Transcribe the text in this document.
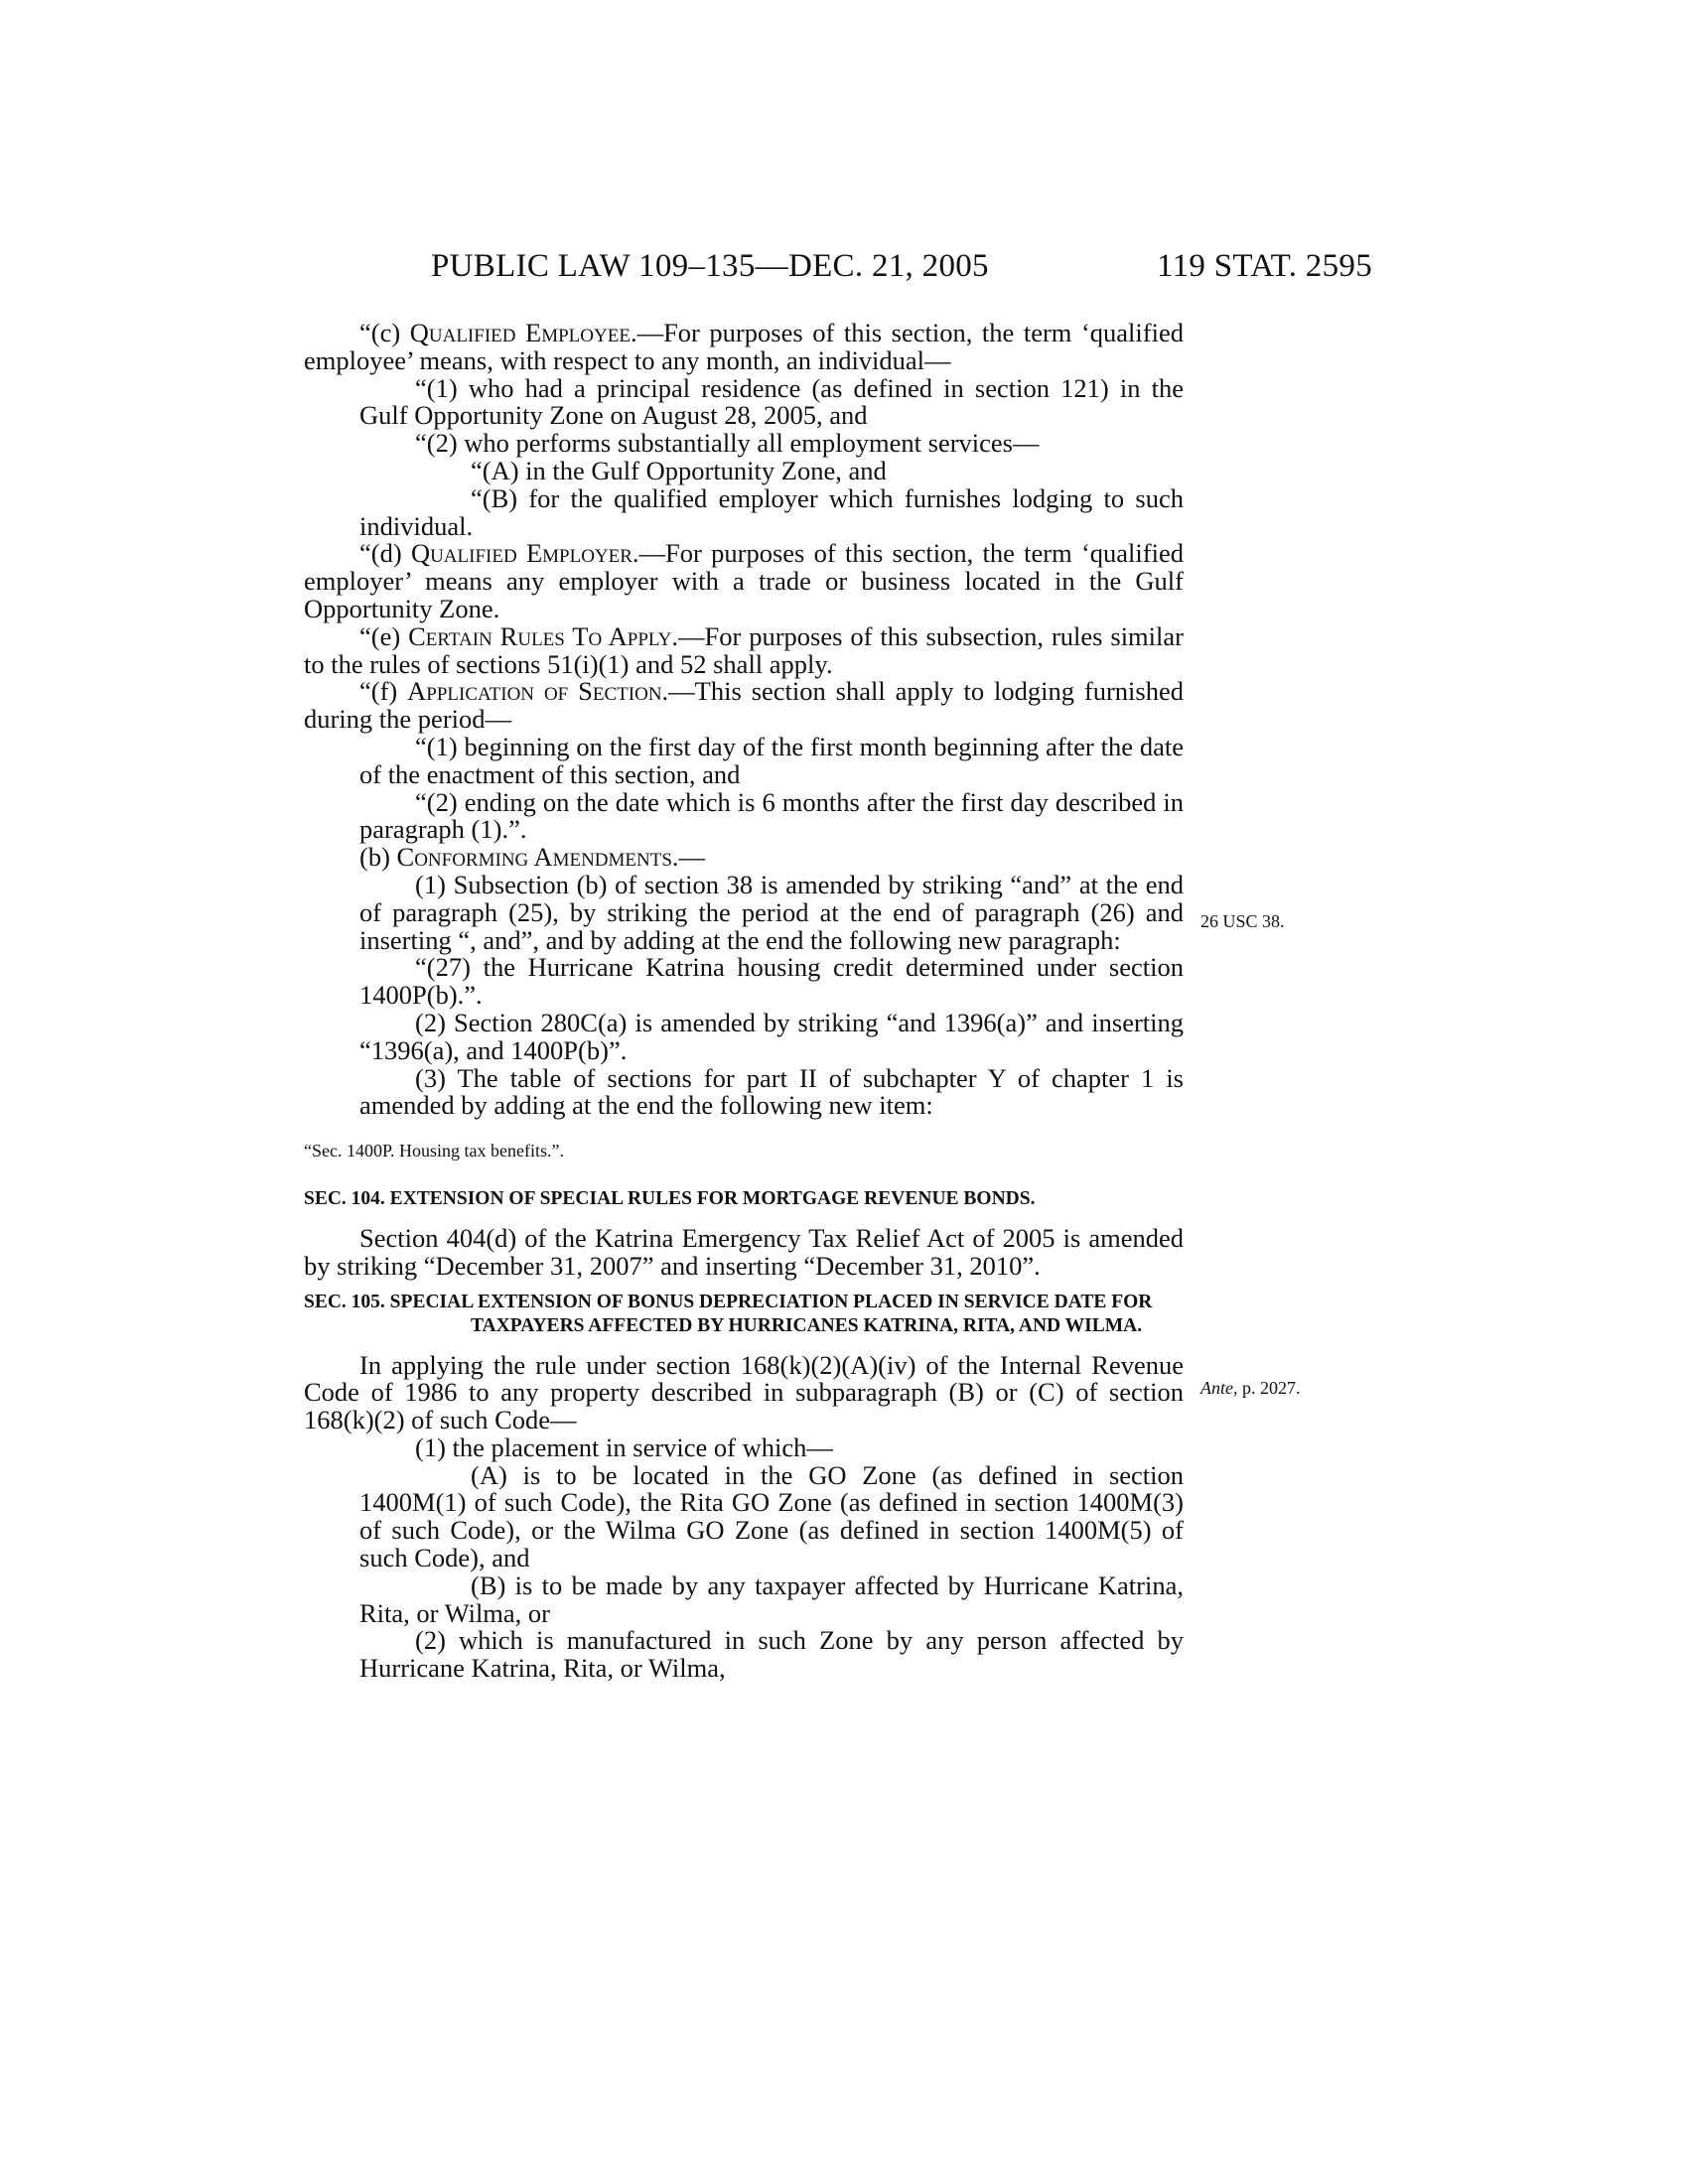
PUBLIC LAW 109–135—DEC. 21, 2005	119 STAT. 2595

“(c) Qualified Employee.—For purposes of this section, the term ‘qualified employee’ means, with respect to any month, an individual—

“(1) who had a principal residence (as defined in section 121) in the Gulf Opportunity Zone on August 28, 2005, and

“(2) who performs substantially all employment services—

“(A) in the Gulf Opportunity Zone, and

“(B) for the qualified employer which furnishes lodging to such individual.

“(d) Qualified Employer.—For purposes of this section, the term ‘qualified employer’ means any employer with a trade or business located in the Gulf Opportunity Zone.

“(e) Certain Rules To Apply.—For purposes of this subsection, rules similar to the rules of sections 51(i)(1) and 52 shall apply.

“(f) Application of Section.—This section shall apply to lodging furnished during the period—

“(1) beginning on the first day of the first month beginning after the date of the enactment of this section, and

“(2) ending on the date which is 6 months after the first day described in paragraph (1).”.

(b) Conforming Amendments.—

(1) Subsection (b) of section 38 is amended by striking “and” at the end of paragraph (25), by striking the period at the end of paragraph (26) and inserting “, and”, and by adding at the end the following new paragraph:

“(27) the Hurricane Katrina housing credit determined under section 1400P(b).”.

(2) Section 280C(a) is amended by striking “and 1396(a)” and inserting “1396(a), and 1400P(b)”.

(3) The table of sections for part II of subchapter Y of chapter 1 is amended by adding at the end the following new item:

“Sec. 1400P. Housing tax benefits.”.

SEC. 104. EXTENSION OF SPECIAL RULES FOR MORTGAGE REVENUE BONDS.

Section 404(d) of the Katrina Emergency Tax Relief Act of 2005 is amended by striking “December 31, 2007” and inserting “December 31, 2010”.

SEC. 105. SPECIAL EXTENSION OF BONUS DEPRECIATION PLACED IN SERVICE DATE FOR TAXPAYERS AFFECTED BY HURRICANES KATRINA, RITA, AND WILMA.

In applying the rule under section 168(k)(2)(A)(iv) of the Internal Revenue Code of 1986 to any property described in subparagraph (B) or (C) of section 168(k)(2) of such Code—

(1) the placement in service of which—

(A) is to be located in the GO Zone (as defined in section 1400M(1) of such Code), the Rita GO Zone (as defined in section 1400M(3) of such Code), or the Wilma GO Zone (as defined in section 1400M(5) of such Code), and

(B) is to be made by any taxpayer affected by Hurricane Katrina, Rita, or Wilma, or

(2) which is manufactured in such Zone by any person affected by Hurricane Katrina, Rita, or Wilma,

26 USC 38.
Ante, p. 2027.
